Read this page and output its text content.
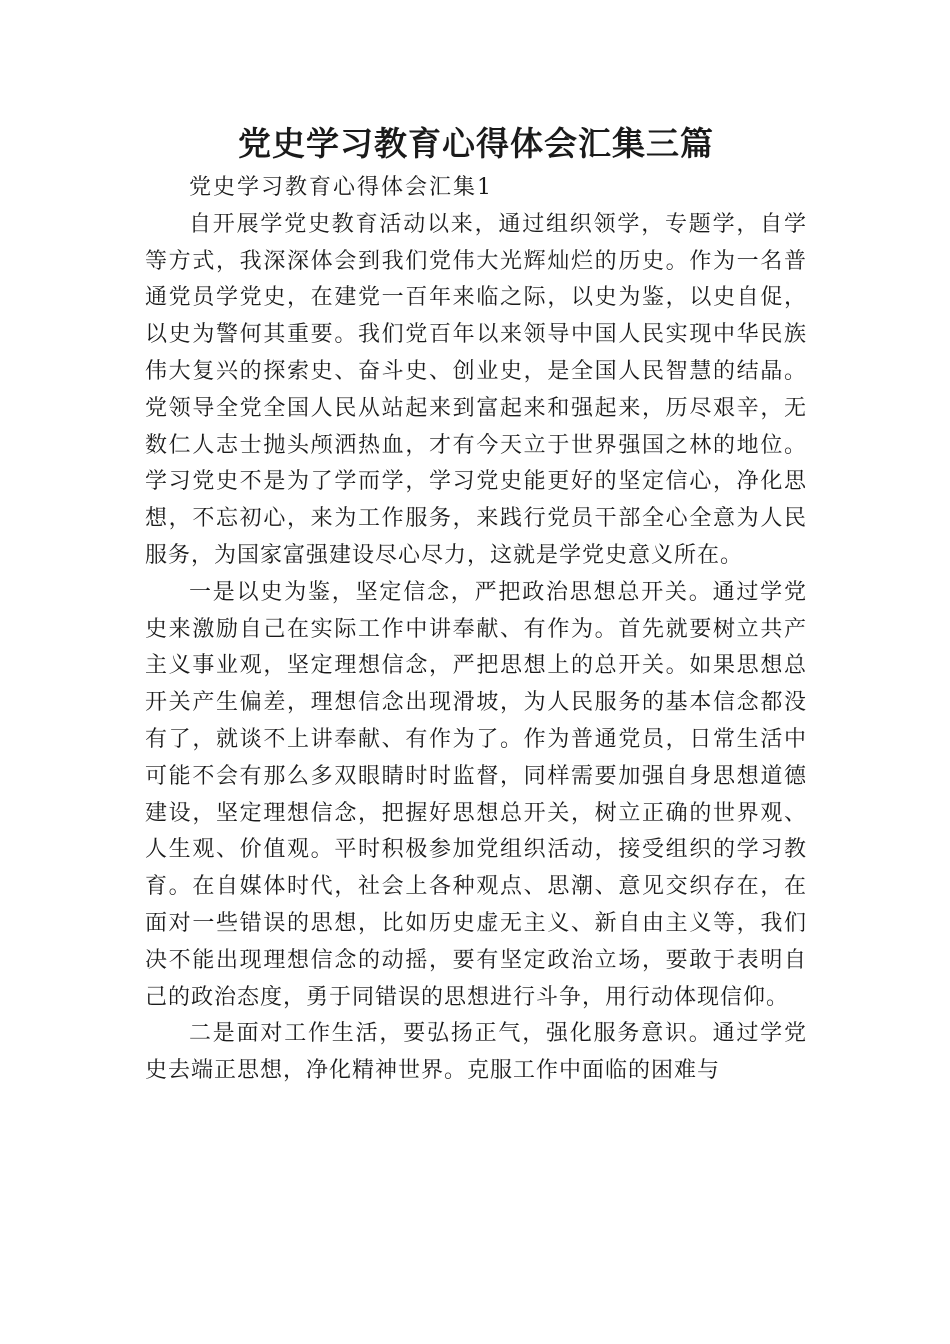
党史学习教育心得体会汇集三篇

党史学习教育心得体会汇集1

自开展学党史教育活动以来，通过组织领学，专题学，自学等方式，我深深体会到我们党伟大光辉灿烂的历史。作为一名普通党员学党史，在建党一百年来临之际，以史为鉴，以史自促，以史为警何其重要。我们党百年以来领导中国人民实现中华民族伟大复兴的探索史、奋斗史、创业史，是全国人民智慧的结晶。党领导全党全国人民从站起来到富起来和强起来，历尽艰辛，无数仁人志士抛头颅洒热血，才有今天立于世界强国之林的地位。学习党史不是为了学而学，学习党史能更好的坚定信心，净化思想，不忘初心，来为工作服务，来践行党员干部全心全意为人民服务，为国家富强建设尽心尽力，这就是学党史意义所在。

一是以史为鉴，坚定信念，严把政治思想总开关。通过学党史来激励自己在实际工作中讲奉献、有作为。首先就要树立共产主义事业观，坚定理想信念，严把思想上的总开关。如果思想总开关产生偏差，理想信念出现滑坡，为人民服务的基本信念都没有了，就谈不上讲奉献、有作为了。作为普通党员，日常生活中可能不会有那么多双眼睛时时监督，同样需要加强自身思想道德建设，坚定理想信念，把握好思想总开关，树立正确的世界观、人生观、价值观。平时积极参加党组织活动，接受组织的学习教育。在自媒体时代，社会上各种观点、思潮、意见交织存在，在面对一些错误的思想，比如历史虚无主义、新自由主义等，我们决不能出现理想信念的动摇，要有坚定政治立场，要敢于表明自己的政治态度，勇于同错误的思想进行斗争，用行动体现信仰。

二是面对工作生活，要弘扬正气，强化服务意识。通过学党史去端正思想，净化精神世界。克服工作中面临的困难与
